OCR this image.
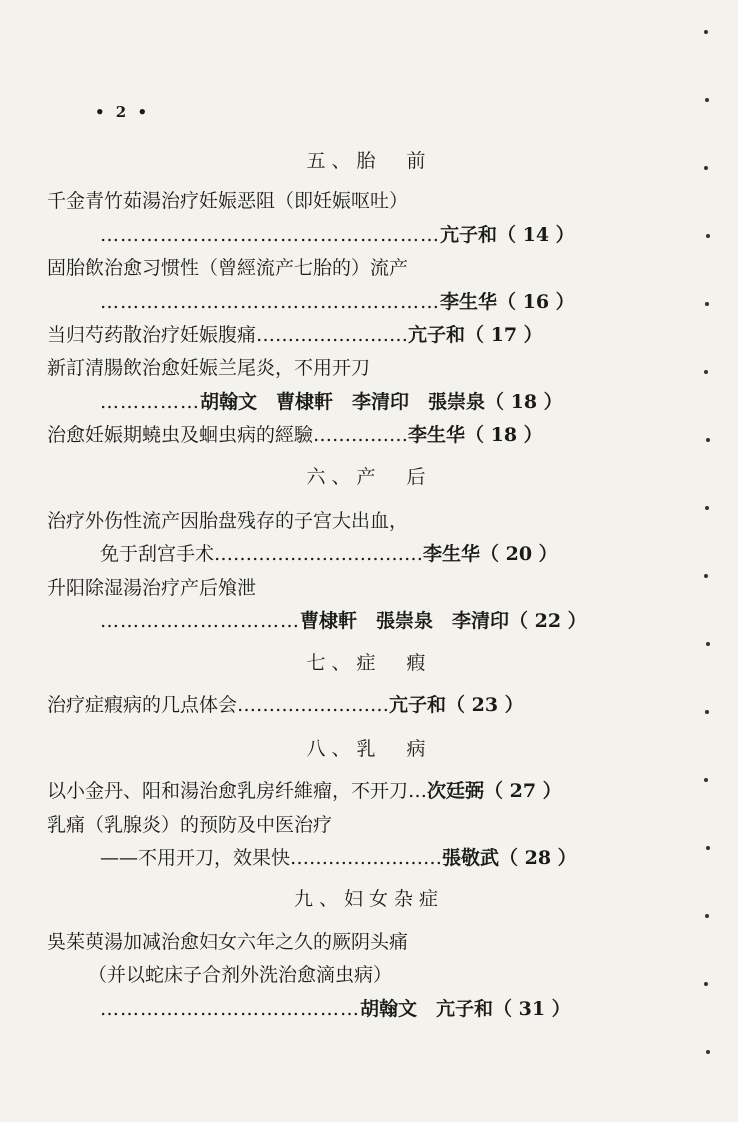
• 2 •
五、胎　前
千金青竹茹湯治疗妊娠恶阻（即妊娠呕吐）
……………………………………………亢子和（ 14 ）
固胎飲治愈习惯性（曾經流产七胎的）流产
……………………………………………李生华（ 16 ）
当归芍药散治疗妊娠腹痛……………………亢子和（ 17 ）
新訂清腸飲治愈妊娠兰尾炎，不用开刀
……………胡翰文　曹棣軒　李清印　張崇泉（ 18 ）
治愈妊娠期蟯虫及蛔虫病的經驗……………李生华（ 18 ）
六、产　后
治疗外伤性流产因胎盘残存的子宫大出血，
免于刮宫手术……………………………李生华（ 20 ）
升阳除湿湯治疗产后飧泄
…………………………曹棣軒　張崇泉　李清印（ 22 ）
七、症　瘕
治疗症瘕病的几点体会……………………亢子和（ 23 ）
八、乳　病
以小金丹、阳和湯治愈乳房纤維瘤，不开刀…次廷弼（ 27 ）
乳痛（乳腺炎）的预防及中医治疗
——不用开刀，效果快……………………張敬武（ 28 ）
九、妇女杂症
吳茱萸湯加减治愈妇女六年之久的厥阴头痛
（并以蛇床子合剂外洗治愈滴虫病）
…………………………………胡翰文　亢子和（ 31 ）
